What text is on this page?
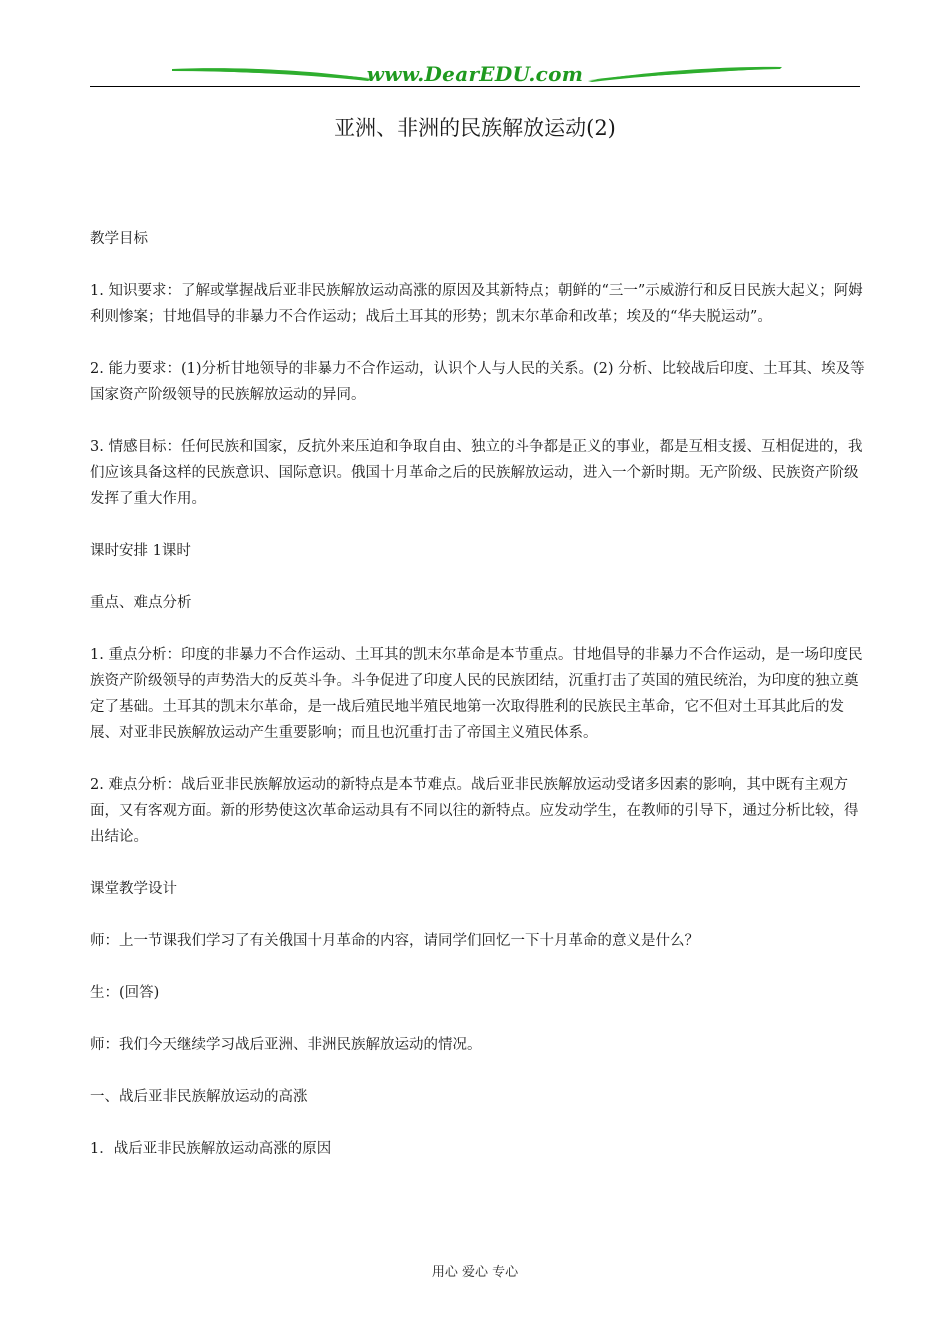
www.DearEDU.com
亚洲、非洲的民族解放运动(2)

教学目标

1. 知识要求：了解或掌握战后亚非民族解放运动高涨的原因及其新特点；朝鲜的“三一”示威游行和反日民族大起义；阿姆利则惨案；甘地倡导的非暴力不合作运动；战后土耳其的形势；凯末尔革命和改革；埃及的“华夫脱运动”。

2. 能力要求：(1)分析甘地领导的非暴力不合作运动，认识个人与人民的关系。(2) 分析、比较战后印度、土耳其、埃及等国家资产阶级领导的民族解放运动的异同。

3. 情感目标：任何民族和国家，反抗外来压迫和争取自由、独立的斗争都是正义的事业，都是互相支援、互相促进的，我们应该具备这样的民族意识、国际意识。俄国十月革命之后的民族解放运动，进入一个新时期。无产阶级、民族资产阶级发挥了重大作用。

课时安排 1课时

重点、难点分析

1. 重点分析：印度的非暴力不合作运动、土耳其的凯末尔革命是本节重点。甘地倡导的非暴力不合作运动，是一场印度民族资产阶级领导的声势浩大的反英斗争。斗争促进了印度人民的民族团结，沉重打击了英国的殖民统治，为印度的独立奠定了基础。土耳其的凯末尔革命，是一战后殖民地半殖民地第一次取得胜利的民族民主革命，它不但对土耳其此后的发展、对亚非民族解放运动产生重要影响；而且也沉重打击了帝国主义殖民体系。

2. 难点分析：战后亚非民族解放运动的新特点是本节难点。战后亚非民族解放运动受诸多因素的影响，其中既有主观方面，又有客观方面。新的形势使这次革命运动具有不同以往的新特点。应发动学生，在教师的引导下，通过分析比较，得出结论。

课堂教学设计

师：上一节课我们学习了有关俄国十月革命的内容，请同学们回忆一下十月革命的意义是什么？

生：(回答)

师：我们今天继续学习战后亚洲、非洲民族解放运动的情况。

一、战后亚非民族解放运动的高涨

1．战后亚非民族解放运动高涨的原因

用心 爱心 专心
